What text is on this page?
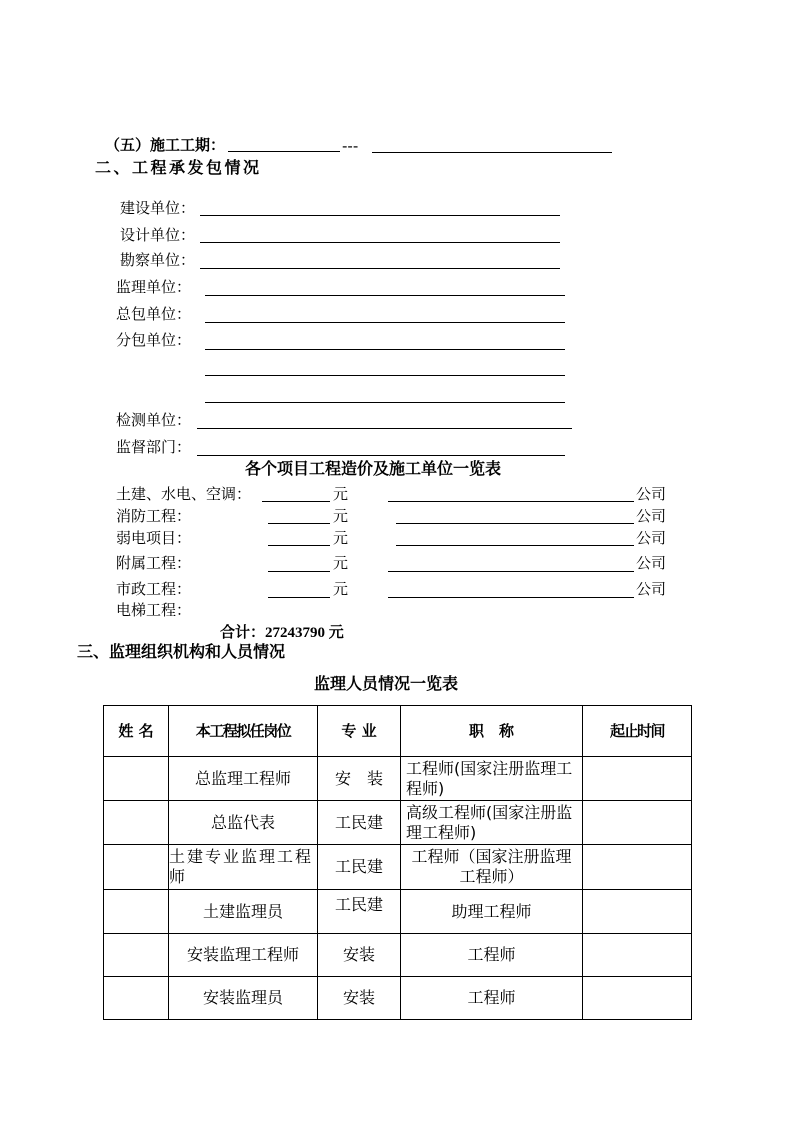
（五）施工工期：	---
二、工程承发包情况
建设单位：
设计单位：
勘察单位：
监理单位：
总包单位：
分包单位：
检测单位：
监督部门：
各个项目工程造价及施工单位一览表
土建、水电、空调：	元	公司
消防工程：	元	公司
弱电项目：	元	公司
附属工程：	元	公司
市政工程：	元	公司
电梯工程：
合计：27243790 元
三、监理组织机构和人员情况
监理人员情况一览表
姓 名	本工程拟任岗位	专 业	职　称	起止时间
	总监理工程师	安　装	工程师(国家注册监理工程师)	
	总监代表	工民建	高级工程师(国家注册监理工程师)	
	土建专业监理工程师	工民建	工程师（国家注册监理工程师）	
	土建监理员	工民建	助理工程师	
	安装监理工程师	安装	工程师	
	安装监理员	安装	工程师	
